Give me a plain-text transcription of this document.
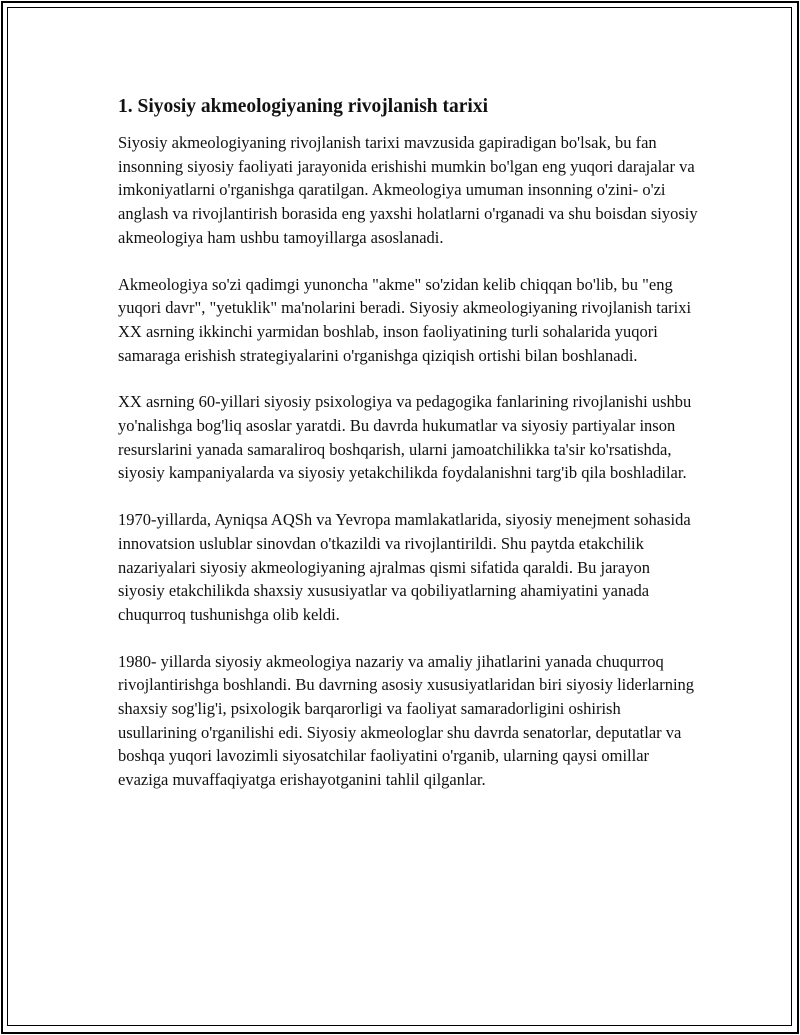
1. Siyosiy akmeologiyaning rivojlanish tarixi

Siyosiy akmeologiyaning rivojlanish tarixi mavzusida gapiradigan bo'lsak, bu fan insonning siyosiy faoliyati jarayonida erishishi mumkin bo'lgan eng yuqori darajalar va imkoniyatlarni o'rganishga qaratilgan. Akmeologiya umuman insonning o'zini- o'zi anglash va rivojlantirish borasida eng yaxshi holatlarni o'rganadi va shu boisdan siyosiy akmeologiya ham ushbu tamoyillarga asoslanadi.

Akmeologiya so'zi qadimgi yunoncha "akme" so'zidan kelib chiqqan bo'lib, bu "eng yuqori davr", "yetuklik" ma'nolarini beradi. Siyosiy akmeologiyaning rivojlanish tarixi XX asrning ikkinchi yarmidan boshlab, inson faoliyatining turli sohalarida yuqori samaraga erishish strategiyalarini o'rganishga qiziqish ortishi bilan boshlanadi.

XX asrning 60-yillari siyosiy psixologiya va pedagogika fanlarining rivojlanishi ushbu yo'nalishga bog'liq asoslar yaratdi. Bu davrda hukumatlar va siyosiy partiyalar inson resurslarini yanada samaraliroq boshqarish, ularni jamoatchilikka ta'sir ko'rsatishda, siyosiy kampaniyalarda va siyosiy yetakchilikda foydalanishni targ'ib qila boshladilar.

1970-yillarda, Ayniqsa AQSh va Yevropa mamlakatlarida, siyosiy menejment sohasida innovatsion uslublar sinovdan o'tkazildi va rivojlantirildi. Shu paytda etakchilik nazariyalari siyosiy akmeologiyaning ajralmas qismi sifatida qaraldi. Bu jarayon siyosiy etakchilikda shaxsiy xususiyatlar va qobiliyatlarning ahamiyatini yanada chuqurroq tushunishga olib keldi.

1980- yillarda siyosiy akmeologiya nazariy va amaliy jihatlarini yanada chuqurroq rivojlantirishga boshlandi. Bu davrning asosiy xususiyatlaridan biri siyosiy liderlarning shaxsiy sog'lig'i, psixologik barqarorligi va faoliyat samaradorligini oshirish usullarining o'rganilishi edi. Siyosiy akmeologlar shu davrda senatorlar, deputatlar va boshqa yuqori lavozimli siyosatchilar faoliyatini o'rganib, ularning qaysi omillar evaziga muvaffaqiyatga erishayotganini tahlil qilganlar.
